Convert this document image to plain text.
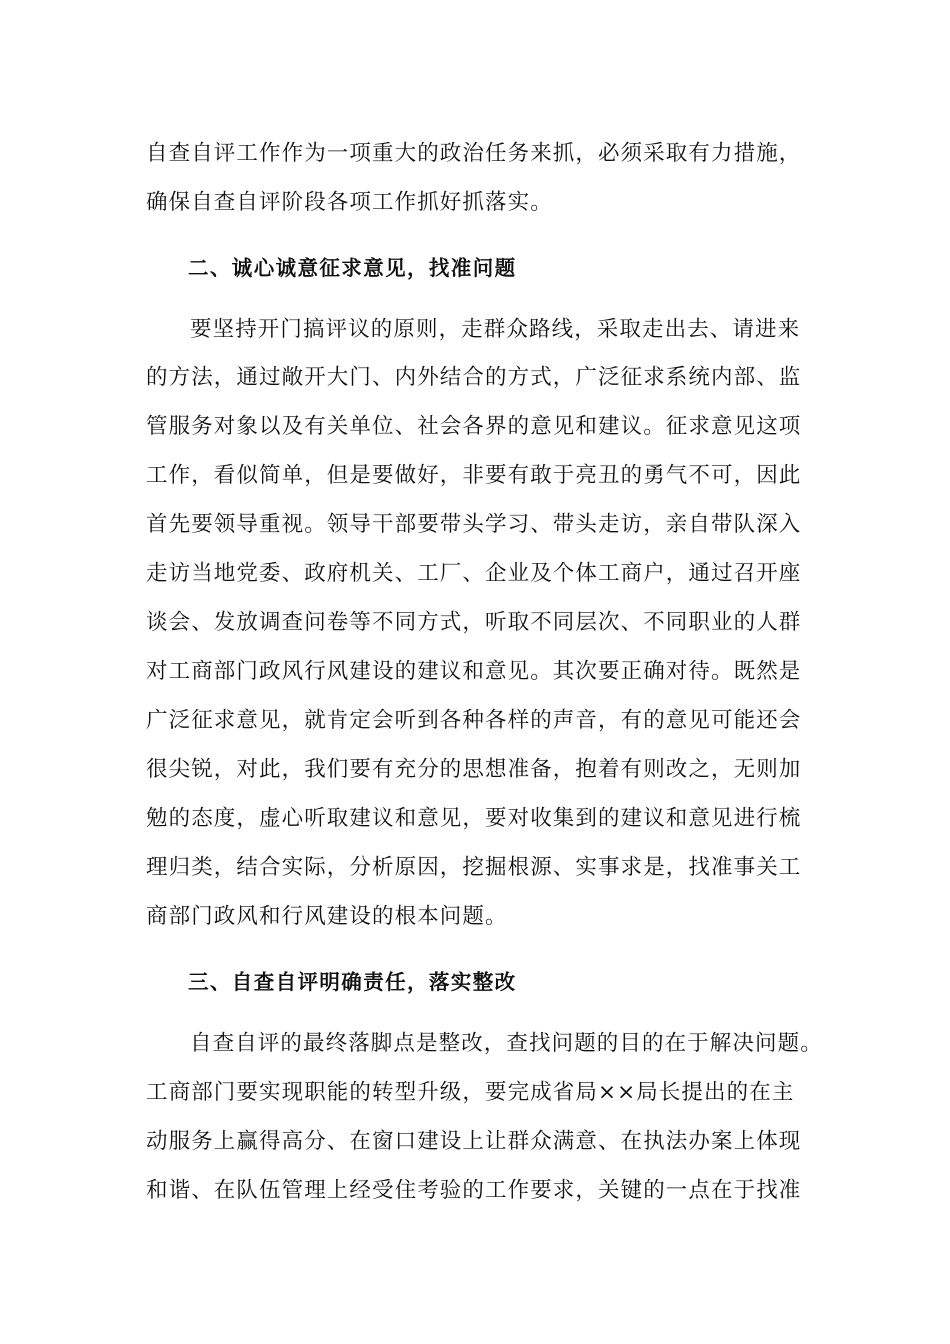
自查自评工作作为一项重大的政治任务来抓，必须采取有力措施，
确保自查自评阶段各项工作抓好抓落实。
二、诚心诚意征求意见，找准问题
要坚持开门搞评议的原则，走群众路线，采取走出去、请进来
的方法，通过敞开大门、内外结合的方式，广泛征求系统内部、监
管服务对象以及有关单位、社会各界的意见和建议。征求意见这项
工作，看似简单，但是要做好，非要有敢于亮丑的勇气不可，因此
首先要领导重视。领导干部要带头学习、带头走访，亲自带队深入
走访当地党委、政府机关、工厂、企业及个体工商户，通过召开座
谈会、发放调查问卷等不同方式，听取不同层次、不同职业的人群
对工商部门政风行风建设的建议和意见。其次要正确对待。既然是
广泛征求意见，就肯定会听到各种各样的声音，有的意见可能还会
很尖锐，对此，我们要有充分的思想准备，抱着有则改之，无则加
勉的态度，虚心听取建议和意见，要对收集到的建议和意见进行梳
理归类，结合实际，分析原因，挖掘根源、实事求是，找准事关工
商部门政风和行风建设的根本问题。
三、自查自评明确责任，落实整改
自查自评的最终落脚点是整改，查找问题的目的在于解决问题。
工商部门要实现职能的转型升级，要完成省局××局长提出的在主
动服务上赢得高分、在窗口建设上让群众满意、在执法办案上体现
和谐、在队伍管理上经受住考验的工作要求，关键的一点在于找准
